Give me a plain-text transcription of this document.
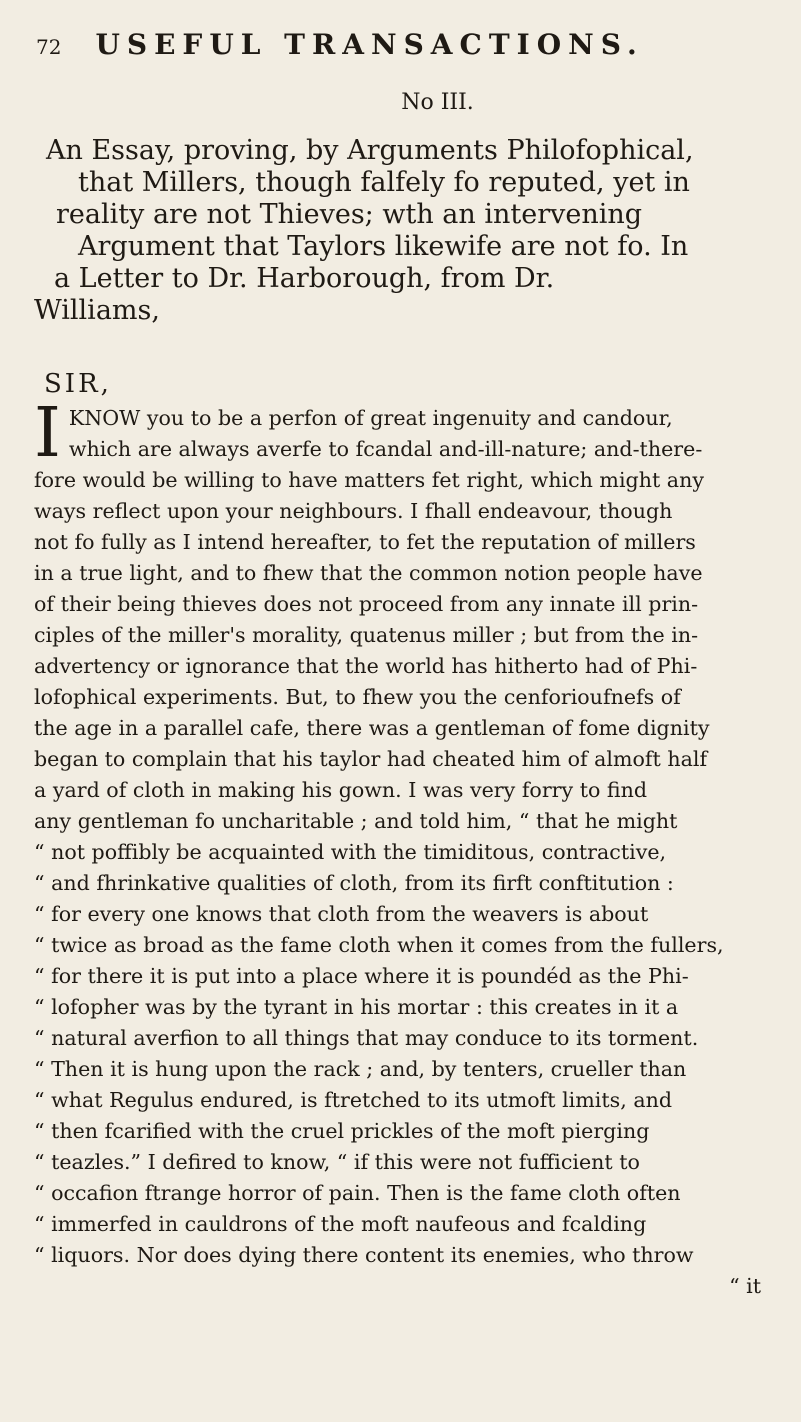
72 USEFUL TRANSACTIONS.
No III.
An Essay, proving, by Arguments Philofophical,
that Millers, though falfely fo reputed, yet in
reality are not Thieves; wth an intervening
Argument that Taylors likewife are not fo. In
a Letter to Dr. Harborough, from Dr.
Williams,
SIR,
I KNOW you to be a perfon of great ingenuity and candour,
which are always averfe to fcandal and-ill-nature; and-there-
fore would be willing to have matters fet right, which might any
ways reflect upon your neighbours. I fhall endeavour, though
not fo fully as I intend hereafter, to fet the reputation of millers
in a true light, and to fhew that the common notion people have
of their being thieves does not proceed from any innate ill prin-
ciples of the miller's morality, quatenus miller ; but from the in-
advertency or ignorance that the world has hitherto had of Phi-
lofophical experiments. But, to fhew you the cenforioufnefs of
the age in a parallel cafe, there was a gentleman of fome dignity
began to complain that his taylor had cheated him of almoft half
a yard of cloth in making his gown. I was very forry to find
any gentleman fo uncharitable ; and told him, “ that he might
“ not poffibly be acquainted with the timiditous, contractive,
“ and fhrinkative qualities of cloth, from its firft conftitution :
“ for every one knows that cloth from the weavers is about
“ twice as broad as the fame cloth when it comes from the fullers,
“ for there it is put into a place where it is poundéd as the Phi-
“ lofopher was by the tyrant in his mortar : this creates in it a
“ natural averfion to all things that may conduce to its torment.
“ Then it is hung upon the rack ; and, by tenters, crueller than
“ what Regulus endured, is ftretched to its utmoft limits, and
“ then fcarified with the cruel prickles of the moft pierging
“ teazles.” I defired to know, “ if this were not fufficient to
“ occafion ftrange horror of pain. Then is the fame cloth often
“ immerfed in cauldrons of the moft naufeous and fcalding
“ liquors. Nor does dying there content its enemies, who throw
“ it
